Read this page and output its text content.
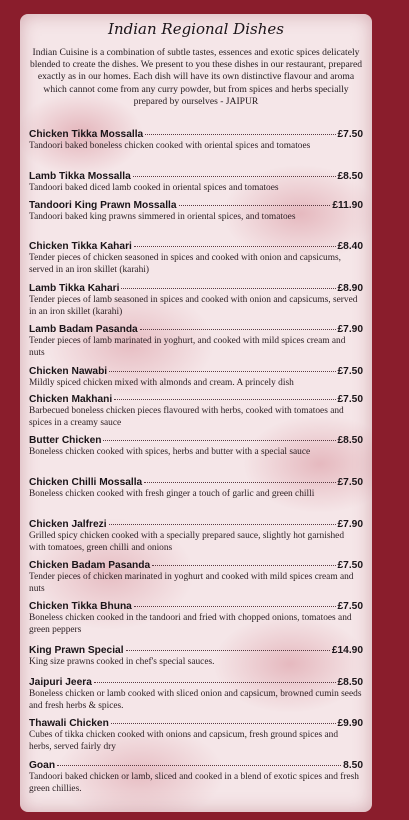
Indian Regional Dishes
Indian Cuisine is a combination of subtle tastes, essences and exotic spices delicately blended to create the dishes. We present to you these dishes in our restaurant, prepared exactly as in our homes. Each dish will have its own distinctive flavour and aroma which cannot come from any curry powder, but from spices and herbs specially prepared by ourselves - JAIPUR
Chicken Tikka Mossalla	£7.50
Tandoori baked boneless chicken cooked with oriental spices and tomatoes
Lamb Tikka Mossalla	£8.50
Tandoori baked diced lamb cooked in oriental spices and tomatoes
Tandoori King Prawn Mossalla	£11.90
Tandoori baked king prawns simmered in oriental spices, and tomatoes
Chicken Tikka Kahari	£8.40
Tender pieces of chicken seasoned in spices and cooked with onion and capsicums, served in an iron skillet (karahi)
Lamb Tikka Kahari	£8.90
Tender pieces of lamb seasoned in spices and cooked with onion and capsicums, served in an iron skillet (karahi)
Lamb Badam Pasanda	£7.90
Tender pieces of lamb marinated in yoghurt, and cooked with mild spices cream and nuts
Chicken Nawabi	£7.50
Mildly spiced chicken mixed with almonds and cream. A princely dish
Chicken Makhani	£7.50
Barbecued boneless chicken pieces flavoured with herbs, cooked with tomatoes and spices in a creamy sauce
Butter Chicken	£8.50
Boneless chicken cooked with spices, herbs and butter with a special sauce
Chicken Chilli Mossalla	£7.50
Boneless chicken cooked with fresh ginger a touch of garlic and green chilli
Chicken Jalfrezi	£7.90
Grilled spicy chicken cooked with a specially prepared sauce, slightly hot garnished with tomatoes, green chilli and onions
Chicken Badam Pasanda	£7.50
Tender pieces of chicken marinated in yoghurt and cooked with mild spices cream and nuts
Chicken Tikka Bhuna	£7.50
Boneless chicken cooked in the tandoori and fried with chopped onions, tomatoes and green peppers
King Prawn Special	£14.90
King size prawns cooked in chef's special sauces.
Jaipuri Jeera	£8.50
Boneless chicken or lamb cooked with sliced onion and capsicum, browned cumin seeds and fresh herbs & spices.
Thawali Chicken	£9.90
Cubes of tikka chicken cooked with onions and capsicum, fresh ground spices and herbs, served fairly dry
Goan	8.50
Tandoori baked chicken or lamb, sliced and cooked in a blend of exotic spices and fresh green chillies.
